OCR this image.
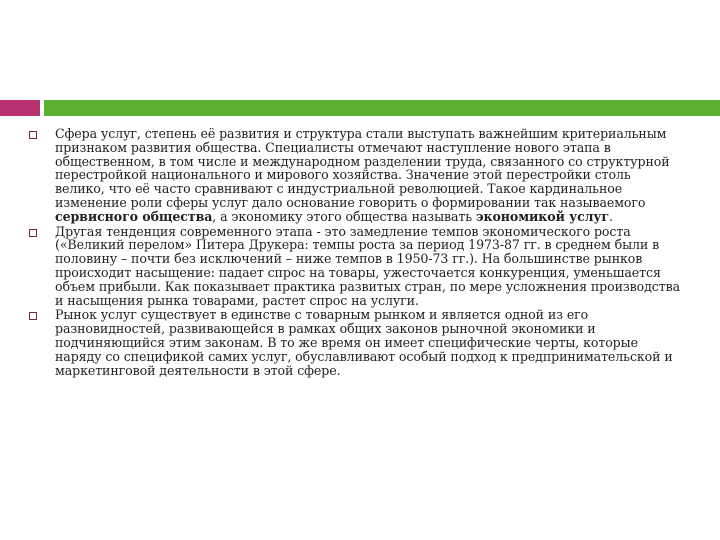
Сфера услуг, степень её развития и структура стали выступать важнейшим критериальным признаком развития общества. Специалисты отмечают наступление нового этапа в общественном, в том числе и международном разделении труда, связанного со структурной перестройкой национального и мирового хозяйства. Значение этой перестройки столь велико, что её часто сравнивают с индустриальной революцией. Такое кардинальное изменение роли сферы услуг дало основание говорить о формировании так называемого сервисного общества, а экономику этого общества называть экономикой услуг.
Другая тенденция современного этапа - это замедление темпов экономического роста («Великий перелом» Питера Друкера: темпы роста за период 1973-87 гг. в среднем были в половину – почти без исключений – ниже темпов в 1950-73 гг.). На большинстве рынков происходит насыщение: падает спрос на товары, ужесточается конкуренция, уменьшается объем прибыли. Как показывает практика развитых стран, по мере усложнения производства и насыщения рынка товарами, растет спрос на услуги.
Рынок услуг существует в единстве с товарным рынком и является одной из его разновидностей, развивающейся в рамках общих законов рыночной экономики и подчиняющийся этим законам. В то же время он имеет специфические черты, которые наряду со спецификой самих услуг, обуславливают особый подход к предпринимательской и маркетинговой деятельности в этой сфере.
